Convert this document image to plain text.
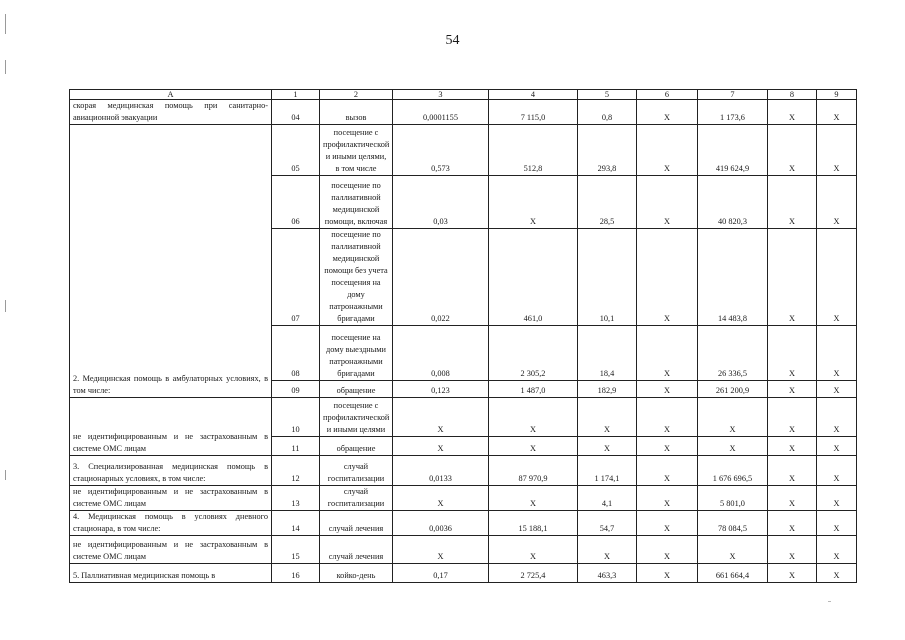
54
А	1	2	3	4	5	6	7	8	9
скорая медицинская помощь при санитарно-авиационной эвакуации	04	вызов	0,0001155	7 115,0	0,8	X	1 173,6	X	X
2. Медицинская помощь в амбулаторных условиях, в том числе:	05	посещение с профилактической и иными целями, в том числе	0,573	512,8	293,8	X	419 624,9	X	X
	06	посещение по паллиативной медицинской помощи, включая	0,03	X	28,5	X	40 820,3	X	X
	07	посещение по паллиативной медицинской помощи без учета посещения на дому патронажными бригадами	0,022	461,0	10,1	X	14 483,8	X	X
	08	посещение на дому выездными патронажными бригадами	0,008	2 305,2	18,4	X	26 336,5	X	X
	09	обращение	0,123	1 487,0	182,9	X	261 200,9	X	X
не идентифицированным и не застрахованным в системе ОМС лицам	10	посещение с профилактической и иными целями	X	X	X	X	X	X	X
	11	обращение	X	X	X	X	X	X	X
3. Специализированная медицинская помощь в стационарных условиях, в том числе:	12	случай госпитализации	0,0133	87 970,9	1 174,1	X	1 676 696,5	X	X
не идентифицированным и не застрахованным в системе ОМС лицам	13	случай госпитализации	X	X	4,1	X	5 801,0	X	X
4. Медицинская помощь в условиях дневного стационара, в том числе:	14	случай лечения	0,0036	15 188,1	54,7	X	78 084,5	X	X
не идентифицированным и не застрахованным в системе ОМС лицам	15	случай лечения	X	X	X	X	X	X	X
5. Паллиативная медицинская помощь в	16	койко-день	0,17	2 725,4	463,3	X	661 664,4	X	X
